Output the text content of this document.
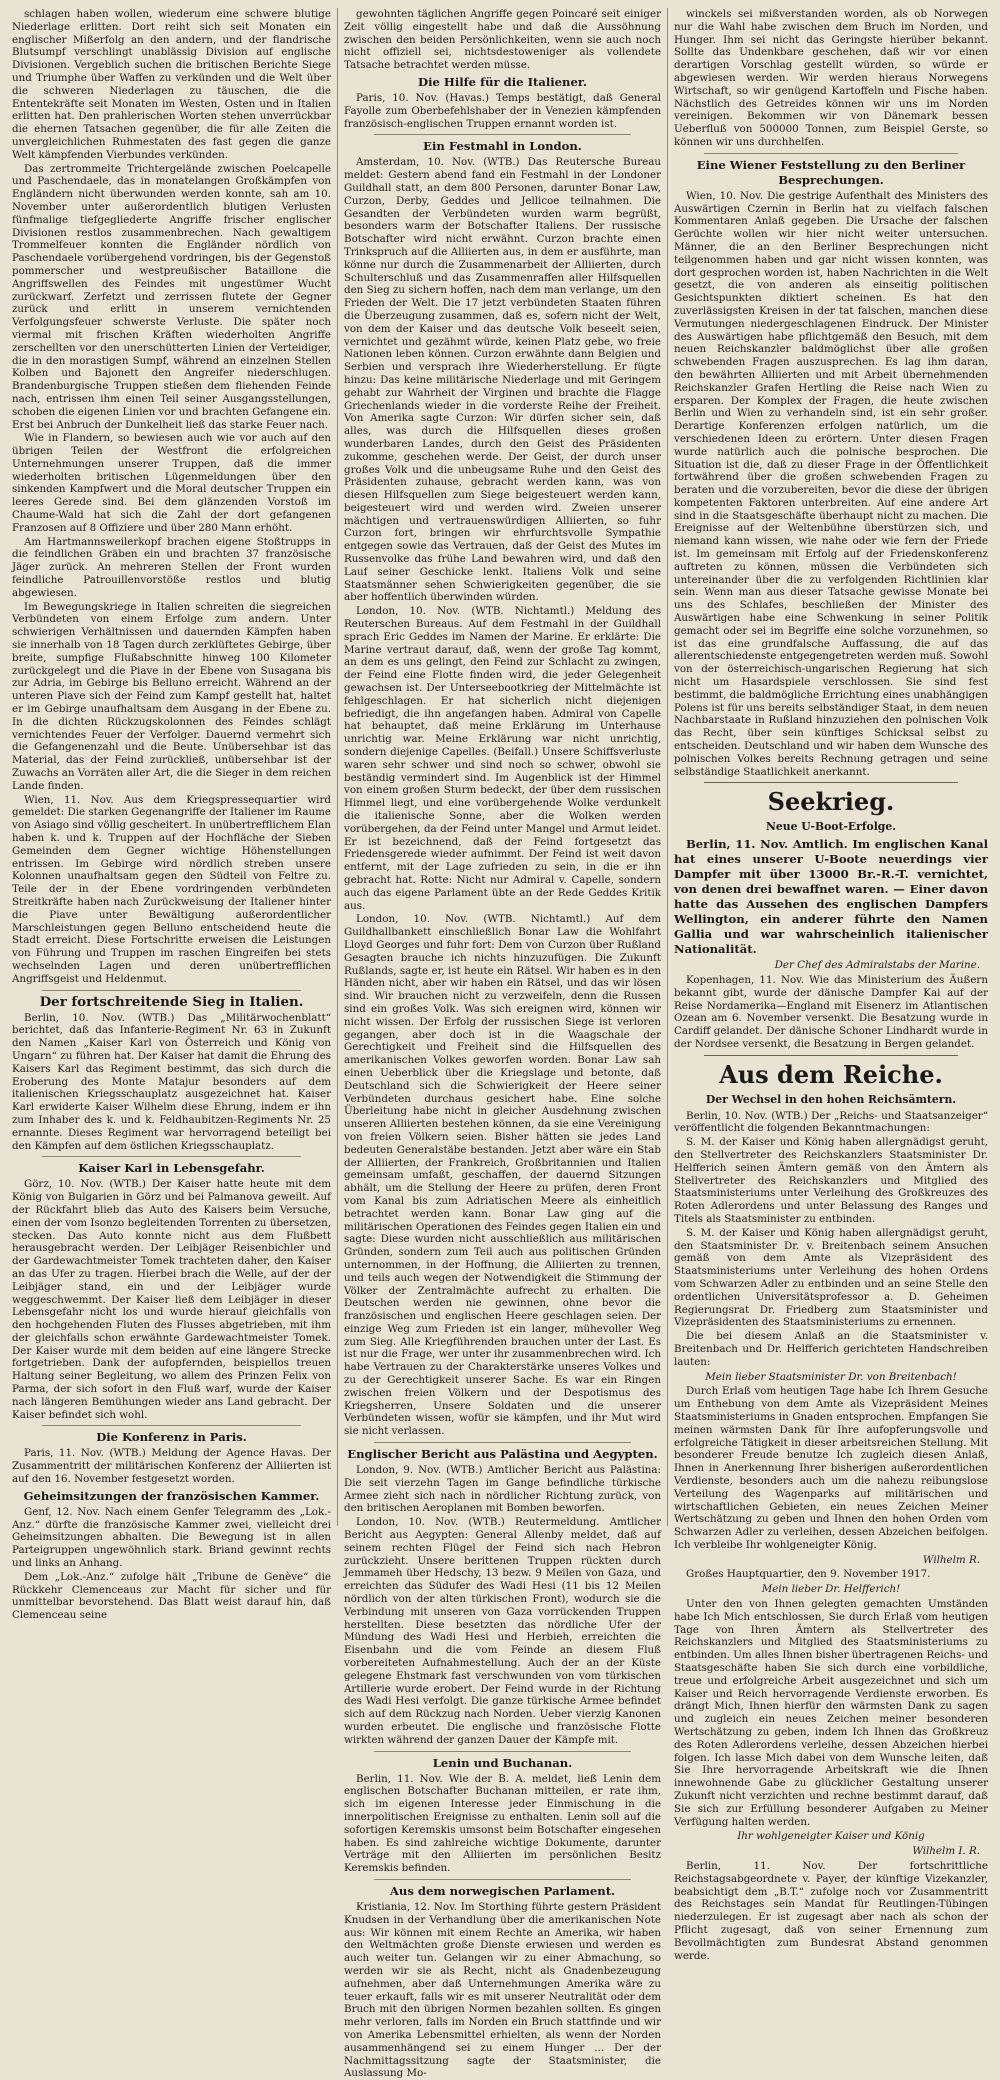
schlagen haben wollen, wiederum eine schwere blutige Niederlage erlitten. Dort reiht sich seit Monaten ein englischer Mißerfolg an den andern, und der flandrische Blutsumpf verschlingt unablässig Division auf englische Divisionen. Vergeblich suchen die britischen Berichte Siege und Triumphe über Waffen zu verkünden und die Welt über die schweren Niederlagen zu täuschen, die die Ententekräfte seit Monaten im Westen, Osten und in Italien erlitten hat. Den prahlerischen Worten stehen unverrückbar die ehernen Tatsachen gegenüber, die für alle Zeiten die unvergleichlichen Ruhmestaten des fast gegen die ganze Welt kämpfenden Vierbundes verkünden.

Das zertrommelte Trichtergelände zwischen Poelcapelle und Paschendaele, das in monatelangen Großkämpfen von Engländern nicht überwunden werden konnte, sah am 10. November unter außerordentlich blutigen Verlusten fünfmalige tiefgegliederte Angriffe frischer englischer Divisionen restlos zusammenbrechen. Nach gewaltigem Trommelfeuer konnten die Engländer nördlich von Paschendaele vorübergehend vordringen, bis der Gegenstoß pommerscher und westpreußischer Bataillone die Angriffswellen des Feindes mit ungestümer Wucht zurückwarf. Zerfetzt und zerrissen flutete der Gegner zurück und erlitt in unserem vernichtenden Verfolgungsfeuer schwerste Verluste. Die später noch viermal mit frischen Kräften wiederholten Angriffe zerschellten vor den unerschütterten Linien der Verteidiger, die in den morastigen Sumpf, während an einzelnen Stellen Kolben und Bajonett den Angreifer niederschlugen. Brandenburgische Truppen stießen dem fliehenden Feinde nach, entrissen ihm einen Teil seiner Ausgangsstellungen, schoben die eigenen Linien vor und brachten Gefangene ein. Erst bei Anbruch der Dunkelheit ließ das starke Feuer nach.

Wie in Flandern, so bewiesen auch wie vor auch auf den übrigen Teilen der Westfront die erfolgreichen Unternehmungen unserer Truppen, daß die immer wiederholten britischen Lügenmeldungen über den sinkenden Kampfwert und die Moral deutscher Truppen ein leeres Gerede sind. Bei dem glänzenden Vorstoß im Chaume-Wald hat sich die Zahl der dort gefangenen Franzosen auf 8 Offiziere und über 280 Mann erhöht.

Am Hartmannsweilerkopf brachen eigene Stoßtrupps in die feindlichen Gräben ein und brachten 37 französische Jäger zurück. An mehreren Stellen der Front wurden feindliche Patrouillenvorstöße restlos und blutig abgewiesen.

Im Bewegungskriege in Italien schreiten die siegreichen Verbündeten von einem Erfolge zum andern. Unter schwierigen Verhältnissen und dauernden Kämpfen haben sie innerhalb von 18 Tagen durch zerklüftetes Gebirge, über breite, sumpfige Flußabschnitte hinweg 100 Kilometer zurückgelegt und die Piave in der Ebene von Susagana bis zur Adria, im Gebirge bis Belluno erreicht. Während an der unteren Piave sich der Feind zum Kampf gestellt hat, haltet er im Gebirge unaufhaltsam dem Ausgang in der Ebene zu. In die dichten Rückzugskolonnen des Feindes schlägt vernichtendes Feuer der Verfolger. Dauernd vermehrt sich die Gefangenenzahl und die Beute. Unübersehbar ist das Material, das der Feind zurückließ, unübersehbar ist der Zuwachs an Vorräten aller Art, die die Sieger in dem reichen Lande finden.

Wien, 11. Nov. Aus dem Kriegspressequartier wird gemeldet: Die starken Gegenangriffe der Italiener im Raume von Asiago sind völlig gescheitert. In unübertrefflichem Elan haben k. und k. Truppen auf der Hochfläche der Sieben Gemeinden dem Gegner wichtige Höhenstellungen entrissen. Im Gebirge wird nördlich streben unsere Kolonnen unaufhaltsam gegen den Südteil von Feltre zu. Teile der in der Ebene vordringenden verbündeten Streitkräfte haben nach Zurückweisung der Italiener hinter die Piave unter Bewältigung außerordentlicher Marschleistungen gegen Belluno entscheidend heute die Stadt erreicht. Diese Fortschritte erweisen die Leistungen von Führung und Truppen im raschen Eingreifen bei stets wechselnden Lagen und deren unübertrefflichen Angriffsgeist und Heldenmut.

Der fortschreitende Sieg in Italien.

Berlin, 10. Nov. (WTB.) Das „Militärwochenblatt“ berichtet, daß das Infanterie-Regiment Nr. 63 in Zukunft den Namen „Kaiser Karl von Österreich und König von Ungarn“ zu führen hat. Der Kaiser hat damit die Ehrung des Kaisers Karl das Regiment bestimmt, das sich durch die Eroberung des Monte Matajur besonders auf dem italienischen Kriegsschauplatz ausgezeichnet hat. Kaiser Karl erwiderte Kaiser Wilhelm diese Ehrung, indem er ihn zum Inhaber des k. und k. Feldhaubitzen-Regiments Nr. 25 ernannte. Dieses Regiment war hervorragend beteiligt bei den Kämpfen auf dem östlichen Kriegsschauplatz.

Kaiser Karl in Lebensgefahr.

Görz, 10. Nov. (WTB.) Der Kaiser hatte heute mit dem König von Bulgarien in Görz und bei Palmanova geweilt. Auf der Rückfahrt blieb das Auto des Kaisers beim Versuche, einen der vom Isonzo begleitenden Torrenten zu übersetzen, stecken. Das Auto konnte nicht aus dem Flußbett herausgebracht werden. Der Leibjäger Reisenbichler und der Gardewachtmeister Tomek trachteten daher, den Kaiser an das Ufer zu tragen. Hierbei brach die Welle, auf der der Leibjäger stand, ein und der Leibjäger wurde weggeschwemmt. Der Kaiser ließ dem Leibjäger in dieser Lebensgefahr nicht los und wurde hierauf gleichfalls von den hochgehenden Fluten des Flusses abgetrieben, mit ihm der gleichfalls schon erwähnte Gardewachtmeister Tomek. Der Kaiser wurde mit dem beiden auf eine längere Strecke fortgetrieben. Dank der aufopfernden, beispiellos treuen Haltung seiner Begleitung, wo allem des Prinzen Felix von Parma, der sich sofort in den Fluß warf, wurde der Kaiser nach längeren Bemühungen wieder ans Land gebracht. Der Kaiser befindet sich wohl.

Die Konferenz in Paris.

Paris, 11. Nov. (WTB.) Meldung der Agence Havas. Der Zusammentritt der militärischen Konferenz der Alliierten ist auf den 16. November festgesetzt worden.

Geheimsitzungen der französischen Kammer.

Genf, 12. Nov. Nach einem Genfer Telegramm des „Lok.-Anz.“ dürfte die französische Kammer zwei, vielleicht drei Geheimsitzungen abhalten. Die Bewegung ist in allen Parteigruppen ungewöhnlich stark. Briand gewinnt rechts und links an Anhang.

Dem „Lok.-Anz.“ zufolge hält „Tribune de Genève“ die Rückkehr Clemenceaus zur Macht für sicher und für unmittelbar bevorstehend. Das Blatt weist darauf hin, daß Clemenceau seine

gewohnten täglichen Angriffe gegen Poincaré seit einiger Zeit völlig eingestellt habe und daß die Aussöhnung zwischen den beiden Persönlichkeiten, wenn sie auch noch nicht offiziell sei, nichtsdestoweniger als vollendete Tatsache betrachtet werden müsse.

Die Hilfe für die Italiener.

Paris, 10. Nov. (Havas.) Temps bestätigt, daß General Fayolle zum Oberbefehlshaber der in Venezien kämpfenden französisch-englischen Truppen ernannt worden ist.

Ein Festmahl in London.

Amsterdam, 10. Nov. (WTB.) Das Reutersche Bureau meldet: Gestern abend fand ein Festmahl in der Londoner Guildhall statt, an dem 800 Personen, darunter Bonar Law, Curzon, Derby, Geddes und Jellicoe teilnahmen. Die Gesandten der Verbündeten wurden warm begrüßt, besonders warm der Botschafter Italiens. Der russische Botschafter wird nicht erwähnt. Curzon brachte einen Trinkspruch auf die Alliierten aus, in dem er ausführte, man könne nur durch die Zusammenarbeit der Alliierten, durch Schulterschluß und das Zusammenraffen aller Hilfsquellen den Sieg zu sichern hoffen, nach dem man verlange, um den Frieden der Welt. Die 17 jetzt verbündeten Staaten führen die Überzeugung zusammen, daß es, sofern nicht der Welt, von dem der Kaiser und das deutsche Volk beseelt seien, vernichtet und gezähmt würde, keinen Platz gebe, wo freie Nationen leben können. Curzon erwähnte dann Belgien und Serbien und versprach ihre Wiederherstellung. Er fügte hinzu: Das keine militärische Niederlage und mit Geringem gehabt zur Wahrheit der Virginen und brachte die Flagge Griechenlands wieder in die vorderste Reihe der Freiheit. Von Amerika sagte Curzon: Wir dürfen sicher sein, daß alles, was durch die Hilfsquellen dieses großen wunderbaren Landes, durch den Geist des Präsidenten zukomme, geschehen werde. Der Geist, der durch unser großes Volk und die unbeugsame Ruhe und den Geist des Präsidenten zuhause, gebracht werden kann, was von diesen Hilfsquellen zum Siege beigesteuert werden kann, beigesteuert wird und werden wird. Zweien unserer mächtigen und vertrauenswürdigen Alliierten, so fuhr Curzon fort, bringen wir ehrfurchtsvolle Sympathie entgegen sowie das Vertrauen, daß der Geist des Mutes im Russenvolke das frühe Land bewahren wird, und daß den Lauf seiner Geschicke lenkt. Italiens Volk und seine Staatsmänner sehen Schwierigkeiten gegenüber, die sie aber hoffentlich überwinden würden.

London, 10. Nov. (WTB. Nichtamtl.) Meldung des Reuterschen Bureaus. Auf dem Festmahl in der Guildhall sprach Eric Geddes im Namen der Marine. Er erklärte: Die Marine vertraut darauf, daß, wenn der große Tag kommt, an dem es uns gelingt, den Feind zur Schlacht zu zwingen, der Feind eine Flotte finden wird, die jeder Gelegenheit gewachsen ist. Der Unterseebootkrieg der Mittelmächte ist fehlgeschlagen. Er hat sicherlich nicht diejenigen befriedigt, die ihn angefangen haben. Admiral von Capelle hat behauptet, daß meine Erklärung im Unterhause unrichtig war. Meine Erklärung war nicht unrichtig, sondern diejenige Capelles. (Beifall.) Unsere Schiffsverluste waren sehr schwer und sind noch so schwer, obwohl sie beständig vermindert sind. Im Augenblick ist der Himmel von einem großen Sturm bedeckt, der über dem russischen Himmel liegt, und eine vorübergehende Wolke verdunkelt die italienische Sonne, aber die Wolken werden vorübergehen, da der Feind unter Mangel und Armut leidet. Er ist bezeichnend, daß der Feind fortgesetzt das Friedensgerede wieder aufnimmt. Der Feind ist weit davon entfernt, mit der Lage zufrieden zu sein, in die er ihn gebracht hat. Rotte: Nicht nur Admiral v. Capelle, sondern auch das eigene Parlament übte an der Rede Geddes Kritik aus.

London, 10. Nov. (WTB. Nichtamtl.) Auf dem Guildhallbankett einschließlich Bonar Law die Wohlfahrt Lloyd Georges und fuhr fort: Dem von Curzon über Rußland Gesagten brauche ich nichts hinzuzufügen. Die Zukunft Rußlands, sagte er, ist heute ein Rätsel. Wir haben es in den Händen nicht, aber wir haben ein Rätsel, und das wir lösen sind. Wir brauchen nicht zu verzweifeln, denn die Russen sind ein großes Volk. Was sich ereignen wird, können wir nicht wissen. Der Erfolg der russischen Siege ist verloren gegangen, aber doch ist in die Waagschale der Gerechtigkeit und Freiheit sind die Hilfsquellen des amerikanischen Volkes geworfen worden. Bonar Law sah einen Ueberblick über die Kriegslage und betonte, daß Deutschland sich die Schwierigkeit der Heere seiner Verbündeten durchaus gesichert habe. Eine solche Überleitung habe nicht in gleicher Ausdehnung zwischen unseren Alliierten bestehen können, da sie eine Vereinigung von freien Völkern seien. Bisher hätten sie jedes Land bedeuten Generalstäbe bestanden. Jetzt aber wäre ein Stab der Alliierten, der Frankreich, Großbritannien und Italien gemeinsam umfaßt, geschaffen, der dauernd Sitzungen abhält, um die Stellung der Heere zu prüfen, deren Front vom Kanal bis zum Adriatischen Meere als einheitlich betrachtet werden kann. Bonar Law ging auf die militärischen Operationen des Feindes gegen Italien ein und sagte: Diese wurden nicht ausschließlich aus militärischen Gründen, sondern zum Teil auch aus politischen Gründen unternommen, in der Hoffnung, die Alliierten zu trennen, und teils auch wegen der Notwendigkeit die Stimmung der Völker der Zentralmächte aufrecht zu erhalten. Die Deutschen werden nie gewinnen, ohne bevor die französischen und englischen Heere geschlagen seien. Der einzige Weg zum Frieden ist ein langer, mühevoller Weg zum Sieg. Alle Kriegführenden brauchen unter der Last. Es ist nur die Frage, wer unter ihr zusammenbrechen wird. Ich habe Vertrauen zu der Charakterstärke unseres Volkes und zu der Gerechtigkeit unserer Sache. Es war ein Ringen zwischen freien Völkern und der Despotismus des Kriegsherren, Unsere Soldaten und die unserer Verbündeten wissen, wofür sie kämpfen, und ihr Mut wird sie nicht verlassen.

Englischer Bericht aus Palästina und Aegypten.

London, 9. Nov. (WTB.) Amtlicher Bericht aus Palästina: Die seit vierzehn Tagen im Gange befindliche türkische Armee zieht sich nach in nördlicher Richtung zurück, von den britischen Aeroplanen mit Bomben beworfen.

London, 10. Nov. (WTB.) Reutermeldung. Amtlicher Bericht aus Aegypten: General Allenby meldet, daß auf seinem rechten Flügel der Feind sich nach Hebron zurückzieht. Unsere berittenen Truppen rückten durch Jemmameh über Hedschy, 13 bezw. 9 Meilen von Gaza, und erreichten das Südufer des Wadi Hesi (11 bis 12 Meilen nördlich von der alten türkischen Front), wodurch sie die Verbindung mit unseren von Gaza vorrückenden Truppen herstellten. Diese besetzten das nördliche Ufer der Mündung des Wadi Hesi und Herbieh, erreichten die Eisenbahn und die vom Feinde an diesem Fluß vorbereiteten Aufnahmestellung. Auch der an der Küste gelegene Ehstmark fast verschwunden von vom türkischen Artillerie wurde erobert. Der Feind wurde in der Richtung des Wadi Hesi verfolgt. Die ganze türkische Armee befindet sich auf dem Rückzug nach Norden. Ueber vierzig Kanonen wurden erbeutet. Die englische und französische Flotte wirkten während der ganzen Dauer der Kämpfe mit.

Lenin und Buchanan.

Berlin, 11. Nov. Wie der B. A. meldet, ließ Lenin dem englischen Botschafter Buchanan mitteilen, er rate ihm, sich im eigenen Interesse jeder Einmischung in die innerpolitischen Ereignisse zu enthalten. Lenin soll auf die sofortigen Keremskis umsonst beim Botschafter eingesehen haben. Es sind zahlreiche wichtige Dokumente, darunter Verträge mit den Alliierten im persönlichen Besitz Keremskis befinden.

Aus dem norwegischen Parlament.

Kristiania, 12. Nov. Im Storthing führte gestern Präsident Knudsen in der Verhandlung über die amerikanischen Note aus: Wir können mit einem Rechte an Amerika, wir haben den Weltmächten große Dienste erwiesen und werden es auch weiter tun. Gelangen wir zu einer Abmachung, so werden wir sie als Recht, nicht als Gnadenbezeugung aufnehmen, aber daß Unternehmungen Amerika wäre zu teuer erkauft, falls wir es mit unserer Neutralität oder dem Bruch mit den übrigen Normen bezahlen sollten. Es gingen mehr verloren, falls im Norden ein Bruch stattfinde und wir von Amerika Lebensmittel erhielten, als wenn der Norden ausammenhängend sei zu einem Hunger ... Der der Nachmittagssitzung sagte der Staatsminister, die Auslassung Mo-

winckels sei mißverstanden worden, als ob Norwegen nur die Wahl habe zwischen dem Bruch im Norden, und Hunger. Ihm sei nicht das Geringste hierüber bekannt. Sollte das Undenkbare geschehen, daß wir vor einen derartigen Vorschlag gestellt würden, so würde er abgewiesen werden. Wir werden hieraus Norwegens Wirtschaft, so wir genügend Kartoffeln und Fische haben. Nächstlich des Getreides können wir uns im Norden vereinigen. Bekommen wir von Dänemark bessen Ueberfluß von 500000 Tonnen, zum Beispiel Gerste, so können wir uns durchhelfen.

Eine Wiener Feststellung zu den Berliner Besprechungen.

Wien, 10. Nov. Die gestrige Aufenthalt des Ministers des Auswärtigen Czernin in Berlin hat zu vielfach falschen Kommentaren Anlaß gegeben. Die Ursache der falschen Gerüchte wollen wir hier nicht weiter untersuchen. Männer, die an den Berliner Besprechungen nicht teilgenommen haben und gar nicht wissen konnten, was dort gesprochen worden ist, haben Nachrichten in die Welt gesetzt, die von anderen als einseitig politischen Gesichtspunkten diktiert scheinen. Es hat den zuverlässigsten Kreisen in der tat falschen, manchen diese Vermutungen niedergeschlagenen Eindruck. Der Minister des Auswärtigen habe pflichtgemäß den Besuch, mit dem neuen Reichskanzler baldmöglichst über alle großen schwebenden Fragen auszusprechen. Es lag ihm daran, den bewährten Alliierten und mit Arbeit übernehmenden Reichskanzler Grafen Hertling die Reise nach Wien zu ersparen. Der Komplex der Fragen, die heute zwischen Berlin und Wien zu verhandeln sind, ist ein sehr großer. Derartige Konferenzen erfolgen natürlich, um die verschiedenen Ideen zu erörtern. Unter diesen Fragen wurde natürlich auch die polnische besprochen. Die Situation ist die, daß zu dieser Frage in der Öffentlichkeit fortwährend über die großen schwebenden Fragen zu beraten und die vorzubereiten, bevor die diese der übrigen kompetenten Faktoren unterbreiten. Auf eine andere Art sind in die Staatsgeschäfte überhaupt nicht zu machen. Die Ereignisse auf der Weltenbühne überstürzen sich, und niemand kann wissen, wie nahe oder wie fern der Friede ist. Im gemeinsam mit Erfolg auf der Friedenskonferenz auftreten zu können, müssen die Verbündeten sich untereinander über die zu verfolgenden Richtlinien klar sein. Wenn man aus dieser Tatsache gewisse Monate bei uns des Schlafes, beschließen der Minister des Auswärtigen habe eine Schwenkung in seiner Politik gemacht oder sei im Begriffe eine solche vorzunehmen, so ist das eine grundfalsche Auffassung, die auf das allerentschiedenste entgegengetreten werden muß. Sowohl von der österreichisch-ungarischen Regierung hat sich nicht um Hasardspiele verschlossen. Sie sind fest bestimmt, die baldmögliche Errichtung eines unabhängigen Polens ist für uns bereits selbständiger Staat, in dem neuen Nachbarstaate in Rußland hinzuziehen den polnischen Volk das Recht, über sein künftiges Schicksal selbst zu entscheiden. Deutschland und wir haben dem Wunsche des polnischen Volkes bereits Rechnung getragen und seine selbständige Staatlichkeit anerkannt.

Seekrieg.
Neue U-Boot-Erfolge.

Berlin, 11. Nov. Amtlich. Im englischen Kanal hat eines unserer U-Boote neuerdings vier Dampfer mit über 13000 Br.-R.-T. vernichtet, von denen drei bewaffnet waren. — Einer davon hatte das Aussehen des englischen Dampfers Wellington, ein anderer führte den Namen Gallia und war wahrscheinlich italienischer Nationalität.

Der Chef des Admiralstabs der Marine.

Kopenhagen, 11. Nov. Wie das Ministerium des Äußern bekannt gibt, wurde der dänische Dampfer Kai auf der Reise Nordamerika—England mit Eisenerz im Atlantischen Ozean am 6. November versenkt. Die Besatzung wurde in Cardiff gelandet. Der dänische Schoner Lindhardt wurde in der Nordsee versenkt, die Besatzung in Bergen gelandet.

Aus dem Reiche.
Der Wechsel in den hohen Reichsämtern.

Berlin, 10. Nov. (WTB.) Der „Reichs- und Staatsanzeiger“ veröffentlicht die folgenden Bekanntmachungen:

S. M. der Kaiser und König haben allergnädigst geruht, den Stellvertreter des Reichskanzlers Staatsminister Dr. Helfferich seinen Ämtern gemäß von den Ämtern als Stellvertreter des Reichskanzlers und Mitglied des Staatsministeriums unter Verleihung des Großkreuzes des Roten Adlerordens und unter Belassung des Ranges und Titels als Staatsminister zu entbinden.

S. M. der Kaiser und König haben allergnädigst geruht, den Staatsminister Dr. v. Breitenbach seinem Ansuchen gemäß von dem Amte als Vizepräsident des Staatsministeriums unter Verleihung des hohen Ordens vom Schwarzen Adler zu entbinden und an seine Stelle den ordentlichen Universitätsprofessor a. D. Geheimen Regierungsrat Dr. Friedberg zum Staatsminister und Vizepräsidenten des Staatsministeriums zu ernennen.

Die bei diesem Anlaß an die Staatsminister v. Breitenbach und Dr. Helfferich gerichteten Handschreiben lauten:

Mein lieber Staatsminister Dr. von Breitenbach!

Durch Erlaß vom heutigen Tage habe Ich Ihrem Gesuche um Enthebung von dem Amte als Vizepräsident Meines Staatsministeriums in Gnaden entsprochen. Empfangen Sie meinen wärmsten Dank für Ihre aufopferungsvolle und erfolgreiche Tätigkeit in dieser arbeitsreichen Stellung. Mit besonderer Freude benutze Ich zugleich diesen Anlaß, Ihnen in Anerkennung Ihrer bisherigen außerordentlichen Verdienste, besonders auch um die nahezu reibungslose Verteilung des Wagenparks auf militärischen und wirtschaftlichen Gebieten, ein neues Zeichen Meiner Wertschätzung zu geben und Ihnen den hohen Orden vom Schwarzen Adler zu verleihen, dessen Abzeichen beifolgen. Ich verbleibe Ihr wohlgeneigter König.

Wilhelm R.

Großes Hauptquartier, den 9. November 1917.

Mein lieber Dr. Helfferich!

Unter den von Ihnen gelegten gemachten Umständen habe Ich Mich entschlossen, Sie durch Erlaß vom heutigen Tage von Ihren Ämtern als Stellvertreter des Reichskanzlers und Mitglied des Staatsministeriums zu entbinden. Um alles Ihnen bisher übertragenen Reichs- und Staatsgeschäfte haben Sie sich durch eine vorbildliche, treue und erfolgreiche Arbeit ausgezeichnet und sich um Kaiser und Reich hervorragende Verdienste erworben. Es drängt Mich, Ihnen hierfür den wärmsten Dank zu sagen und zugleich ein neues Zeichen meiner besonderen Wertschätzung zu geben, indem Ich Ihnen das Großkreuz des Roten Adlerordens verleihe, dessen Abzeichen hierbei folgen. Ich lasse Mich dabei von dem Wunsche leiten, daß Sie Ihre hervorragende Arbeitskraft wie die Ihnen innewohnende Gabe zu glücklicher Gestaltung unserer Zukunft nicht verzichten und rechne bestimmt darauf, daß Sie sich zur Erfüllung besonderer Aufgaben zu Meiner Verfügung halten werden.

Ihr wohlgeneigter Kaiser und König
Wilhelm I. R.

Berlin, 11. Nov. Der fortschrittliche Reichstagsabgeordnete v. Payer, der künftige Vizekanzler, beabsichtigt dem „B.T.“ zufolge noch vor Zusammentritt des Reichstages sein Mandat für Reutlingen-Tübingen niederzulegen. Er ist zugesagt aber nach als schon der Pflicht zugesagt, daß von seiner Ernennung zum Bevollmächtigten zum Bundesrat Abstand genommen werde.
